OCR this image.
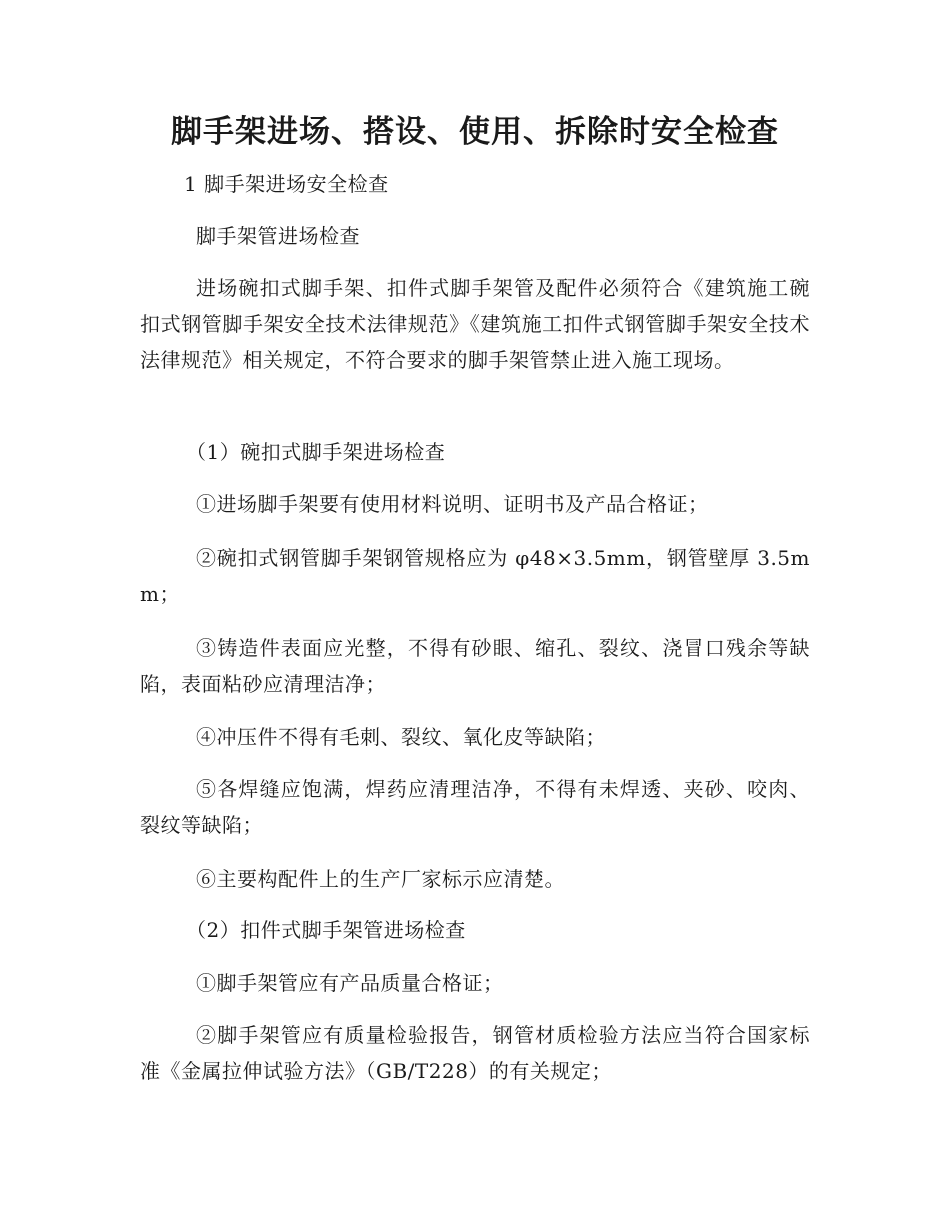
脚手架进场、搭设、使用、拆除时安全检查
1 脚手架进场安全检查
脚手架管进场检查
进场碗扣式脚手架、扣件式脚手架管及配件必须符合《建筑施工碗扣式钢管脚手架安全技术法律规范》《建筑施工扣件式钢管脚手架安全技术法律规范》相关规定，不符合要求的脚手架管禁止进入施工现场。
（1）碗扣式脚手架进场检查
①进场脚手架要有使用材料说明、证明书及产品合格证；
②碗扣式钢管脚手架钢管规格应为 φ48×3.5mm，钢管壁厚 3.5mm；
③铸造件表面应光整，不得有砂眼、缩孔、裂纹、浇冒口残余等缺陷，表面粘砂应清理洁净；
④冲压件不得有毛刺、裂纹、氧化皮等缺陷；
⑤各焊缝应饱满，焊药应清理洁净，不得有未焊透、夹砂、咬肉、裂纹等缺陷；
⑥主要构配件上的生产厂家标示应清楚。
（2）扣件式脚手架管进场检查
①脚手架管应有产品质量合格证；
②脚手架管应有质量检验报告，钢管材质检验方法应当符合国家标准《金属拉伸试验方法》（GB/T228）的有关规定；
